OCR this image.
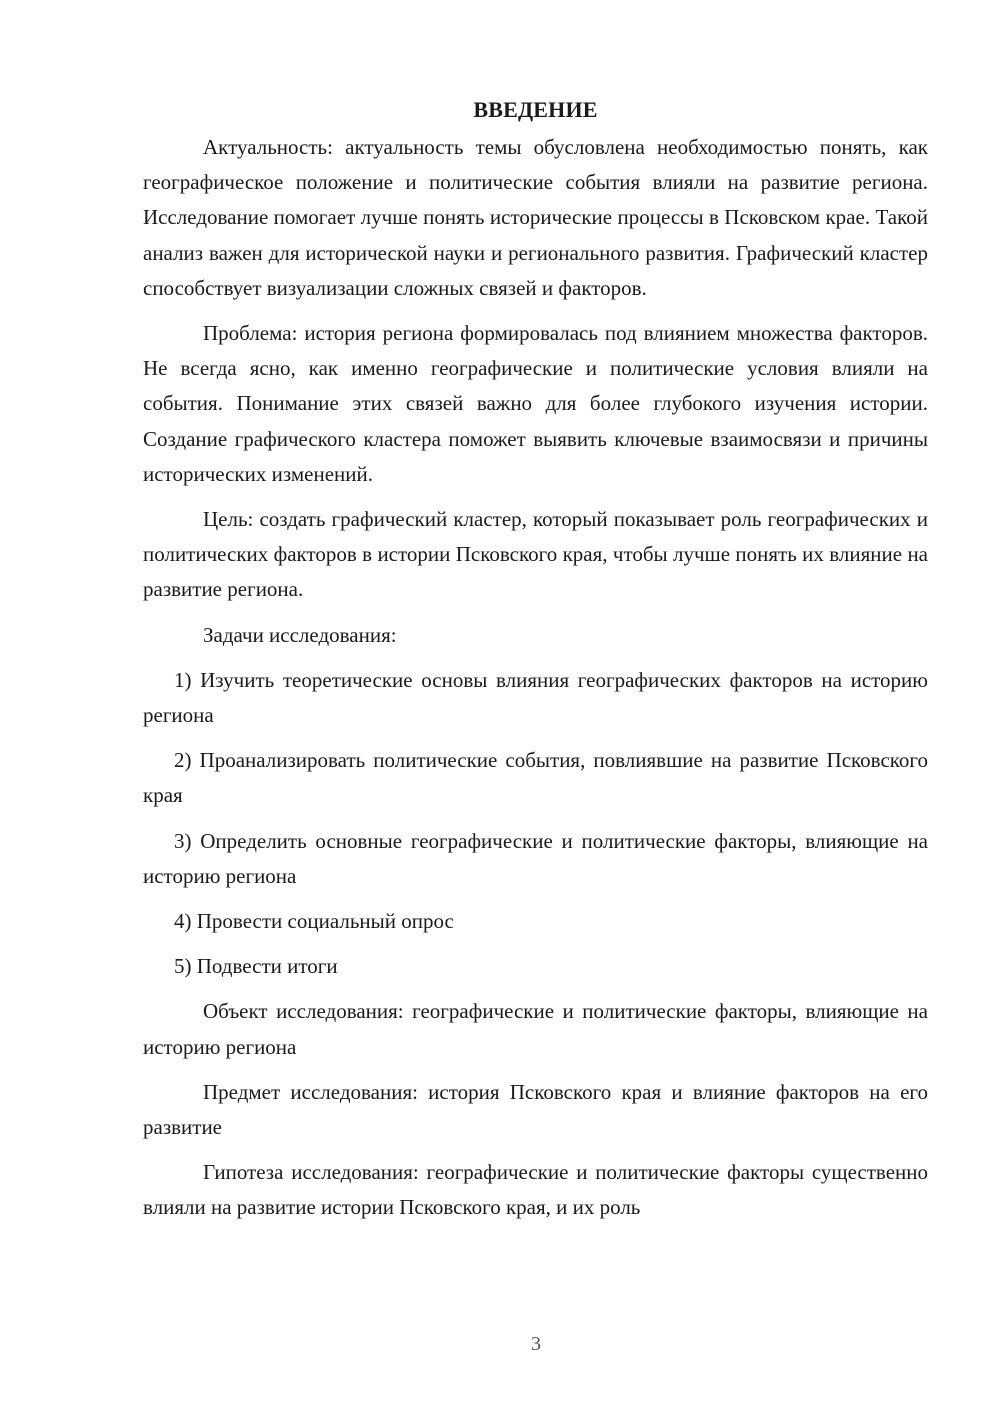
ВВЕДЕНИЕ

Актуальность: актуальность темы обусловлена необходимостью понять, как географическое положение и политические события влияли на развитие региона. Исследование помогает лучше понять исторические процессы в Псковском крае. Такой анализ важен для исторической науки и регионального развития. Графический кластер способствует визуализации сложных связей и факторов.

Проблема: история региона формировалась под влиянием множества факторов. Не всегда ясно, как именно географические и политические условия влияли на события. Понимание этих связей важно для более глубокого изучения истории. Создание графического кластера поможет выявить ключевые взаимосвязи и причины исторических изменений.

Цель: создать графический кластер, который показывает роль географических и политических факторов в истории Псковского края, чтобы лучше понять их влияние на развитие региона.

Задачи исследования:

1) Изучить теоретические основы влияния географических факторов на историю региона

2) Проанализировать политические события, повлиявшие на развитие Псковского края

3) Определить основные географические и политические факторы, влияющие на историю региона

4) Провести социальный опрос

5) Подвести итоги

Объект исследования: географические и политические факторы, влияющие на историю региона

Предмет исследования: история Псковского края и влияние факторов на его развитие

Гипотеза исследования: географические и политические факторы существенно влияли на развитие истории Псковского края, и их роль

3
